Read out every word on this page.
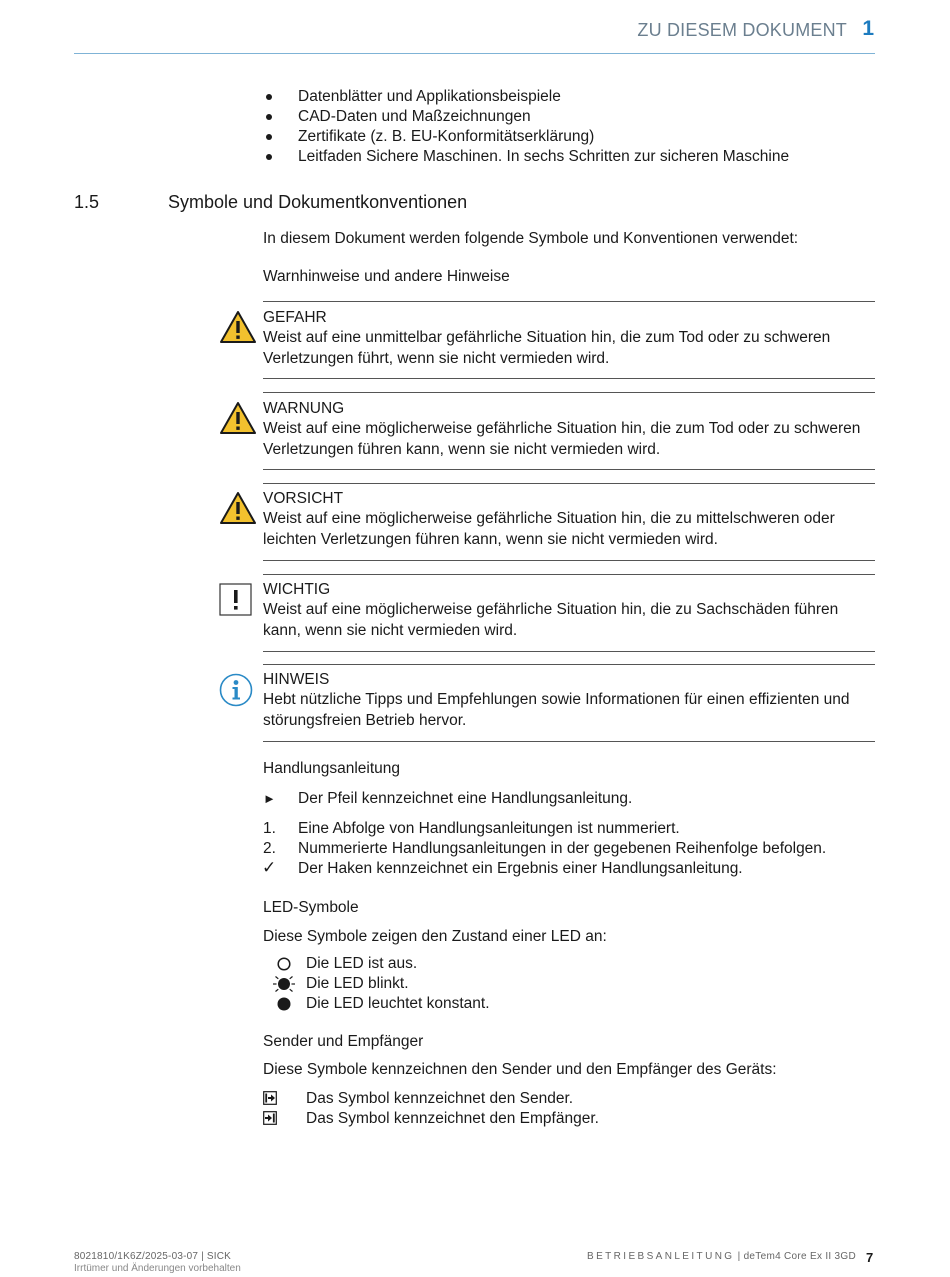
ZU DIESEM DOKUMENT 1
Datenblätter und Applikationsbeispiele
CAD-Daten und Maßzeichnungen
Zertifikate (z. B. EU-Konformitätserklärung)
Leitfaden Sichere Maschinen. In sechs Schritten zur sicheren Maschine
1.5	Symbole und Dokumentkonventionen
In diesem Dokument werden folgende Symbole und Konventionen verwendet:
Warnhinweise und andere Hinweise
GEFAHR
Weist auf eine unmittelbar gefährliche Situation hin, die zum Tod oder zu schweren Verletzungen führt, wenn sie nicht vermieden wird.
WARNUNG
Weist auf eine möglicherweise gefährliche Situation hin, die zum Tod oder zu schweren Verletzungen führen kann, wenn sie nicht vermieden wird.
VORSICHT
Weist auf eine möglicherweise gefährliche Situation hin, die zu mittelschweren oder leichten Verletzungen führen kann, wenn sie nicht vermieden wird.
WICHTIG
Weist auf eine möglicherweise gefährliche Situation hin, die zu Sachschäden führen kann, wenn sie nicht vermieden wird.
HINWEIS
Hebt nützliche Tipps und Empfehlungen sowie Informationen für einen effizienten und störungsfreien Betrieb hervor.
Handlungsanleitung
► Der Pfeil kennzeichnet eine Handlungsanleitung.
1. Eine Abfolge von Handlungsanleitungen ist nummeriert.
2. Nummerierte Handlungsanleitungen in der gegebenen Reihenfolge befolgen.
✓ Der Haken kennzeichnet ein Ergebnis einer Handlungsanleitung.
LED-Symbole
Diese Symbole zeigen den Zustand einer LED an:
Die LED ist aus.
Die LED blinkt.
Die LED leuchtet konstant.
Sender und Empfänger
Diese Symbole kennzeichnen den Sender und den Empfänger des Geräts:
Das Symbol kennzeichnet den Sender.
Das Symbol kennzeichnet den Empfänger.
8021810/1K6Z/2025-03-07 | SICK
Irrtümer und Änderungen vorbehalten
BETRIEBSANLEITUNG | deTem4 Core Ex II 3GD 7
